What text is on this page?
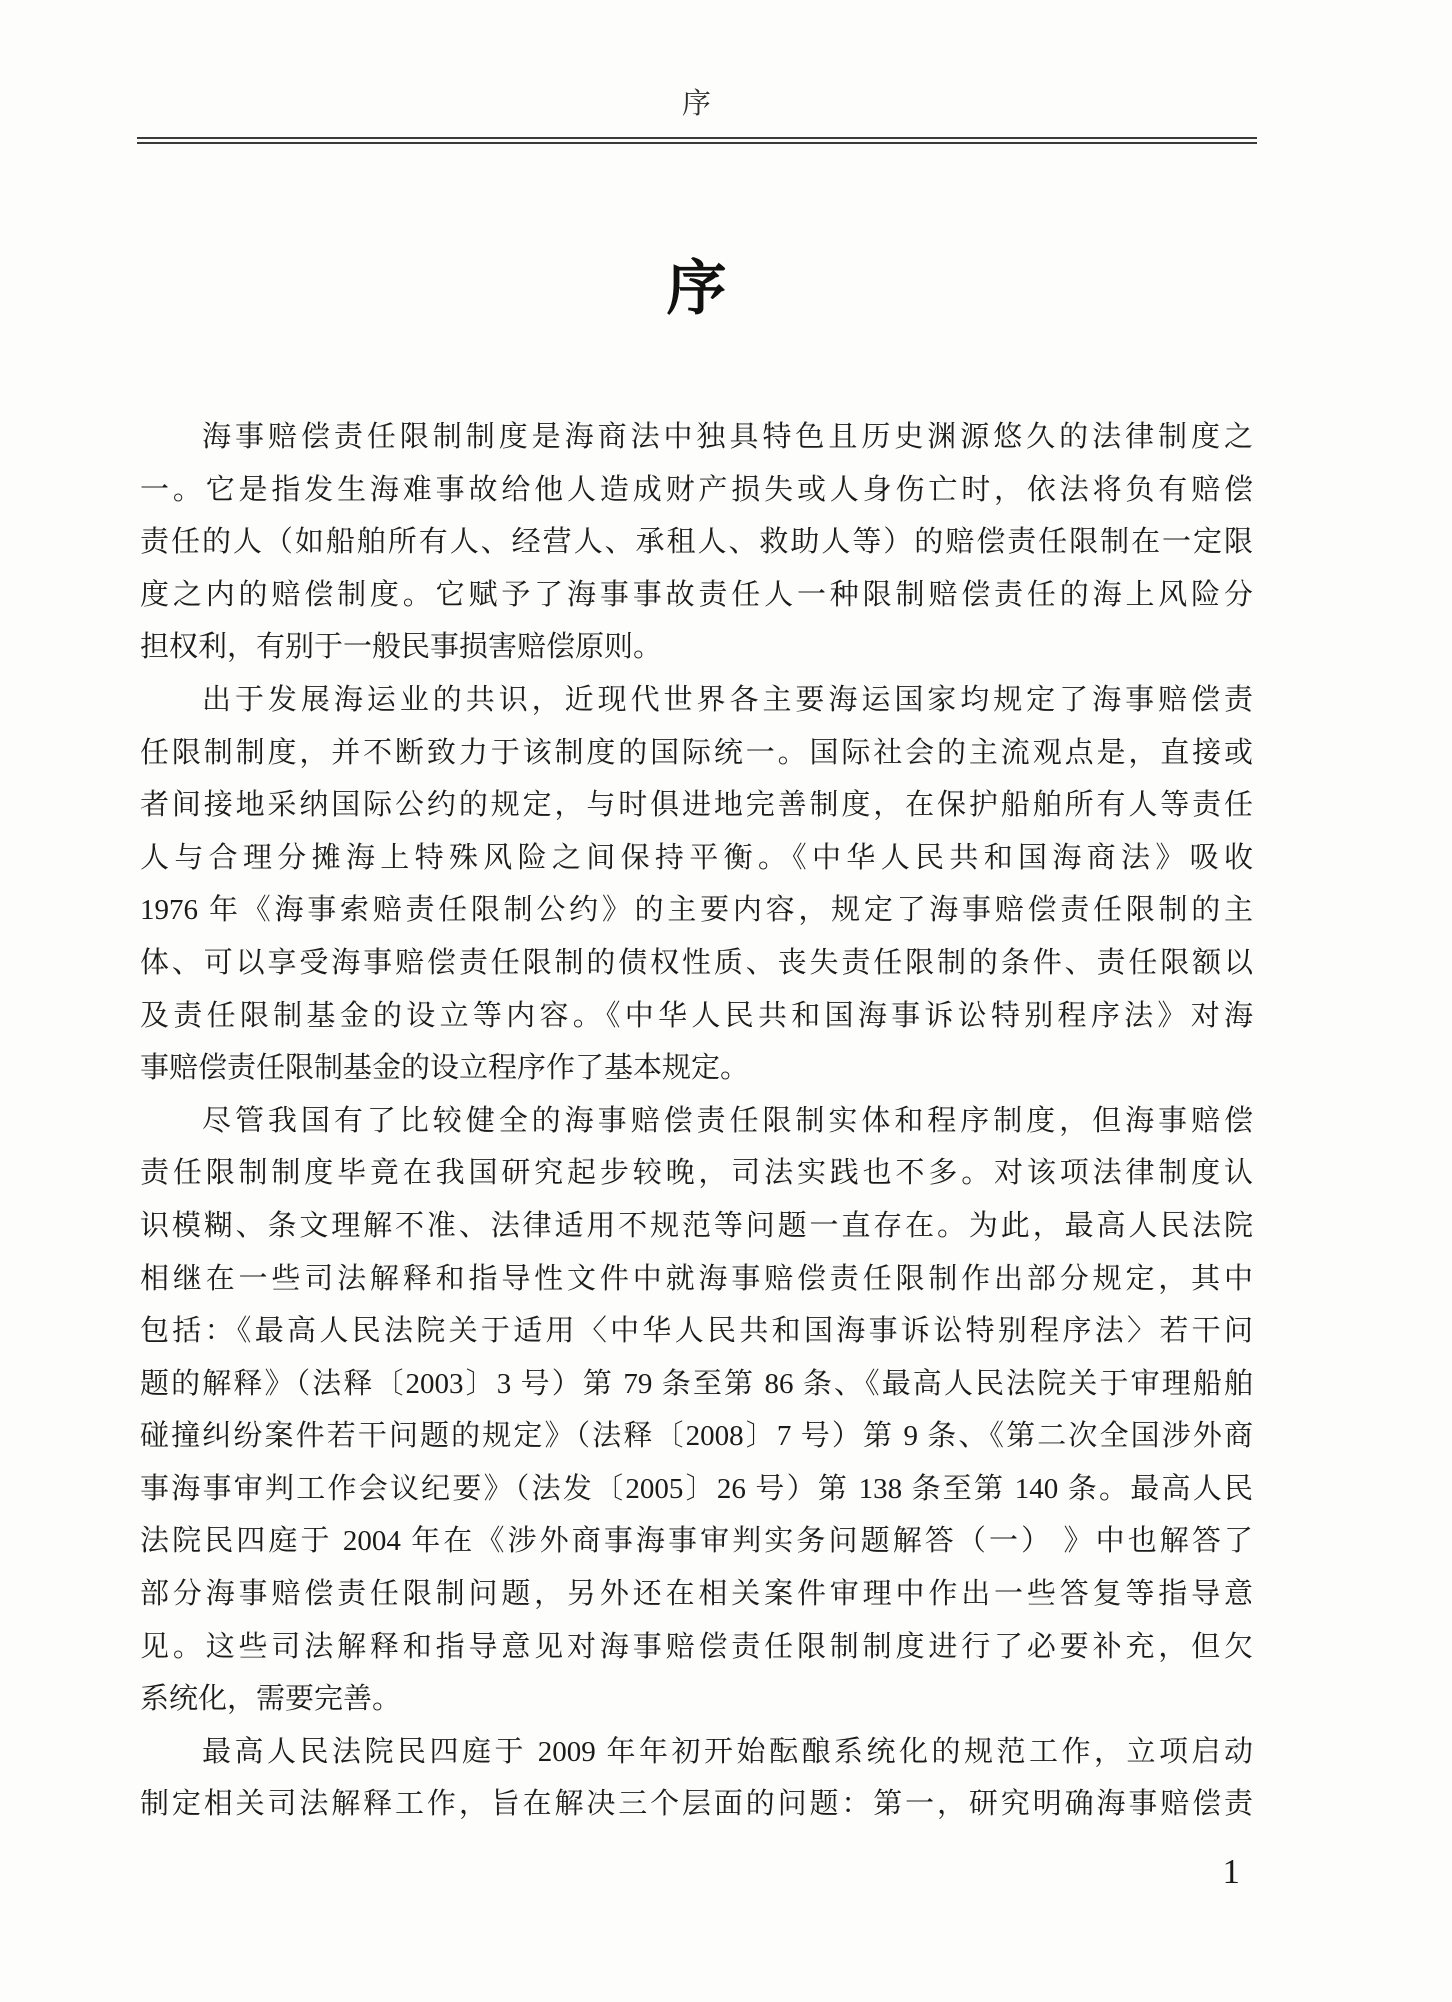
序
序
海事赔偿责任限制制度是海商法中独具特色且历史渊源悠久的法律制度之
一。它是指发生海难事故给他人造成财产损失或人身伤亡时，依法将负有赔偿
责任的人（如船舶所有人、经营人、承租人、救助人等）的赔偿责任限制在一定限
度之内的赔偿制度。它赋予了海事事故责任人一种限制赔偿责任的海上风险分
担权利，有别于一般民事损害赔偿原则。
出于发展海运业的共识，近现代世界各主要海运国家均规定了海事赔偿责
任限制制度，并不断致力于该制度的国际统一。国际社会的主流观点是，直接或
者间接地采纳国际公约的规定，与时俱进地完善制度，在保护船舶所有人等责任
人与合理分摊海上特殊风险之间保持平衡。《中华人民共和国海商法》吸收
1976 年《海事索赔责任限制公约》的主要内容，规定了海事赔偿责任限制的主
体、可以享受海事赔偿责任限制的债权性质、丧失责任限制的条件、责任限额以
及责任限制基金的设立等内容。《中华人民共和国海事诉讼特别程序法》对海
事赔偿责任限制基金的设立程序作了基本规定。
尽管我国有了比较健全的海事赔偿责任限制实体和程序制度，但海事赔偿
责任限制制度毕竟在我国研究起步较晚，司法实践也不多。对该项法律制度认
识模糊、条文理解不准、法律适用不规范等问题一直存在。为此，最高人民法院
相继在一些司法解释和指导性文件中就海事赔偿责任限制作出部分规定，其中
包括：《最高人民法院关于适用〈中华人民共和国海事诉讼特别程序法〉若干问
题的解释》（法释〔2003〕3 号）第 79 条至第 86 条、《最高人民法院关于审理船舶
碰撞纠纷案件若干问题的规定》（法释〔2008〕7 号）第 9 条、《第二次全国涉外商
事海事审判工作会议纪要》（法发〔2005〕26 号）第 138 条至第 140 条。最高人民
法院民四庭于 2004 年在《涉外商事海事审判实务问题解答（一） 》中也解答了
部分海事赔偿责任限制问题，另外还在相关案件审理中作出一些答复等指导意
见。这些司法解释和指导意见对海事赔偿责任限制制度进行了必要补充，但欠
系统化，需要完善。
最高人民法院民四庭于 2009 年年初开始酝酿系统化的规范工作，立项启动
制定相关司法解释工作，旨在解决三个层面的问题：第一，研究明确海事赔偿责
1
